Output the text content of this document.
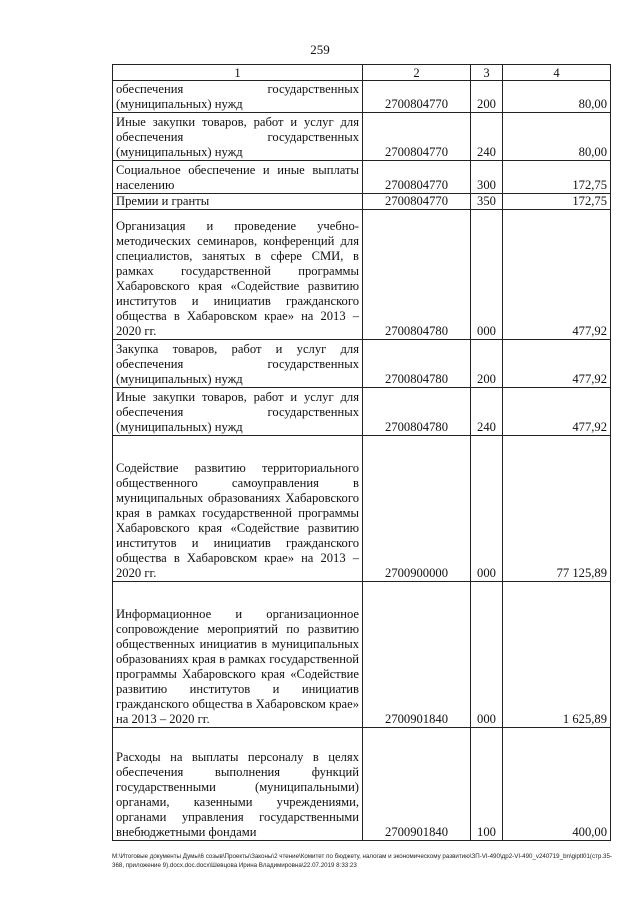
259
1	2	3	4
обеспечения государственных (муниципальных) нужд	2700804770	200	80,00
Иные закупки товаров, работ и услуг для обеспечения государственных (муниципальных) нужд	2700804770	240	80,00
Социальное обеспечение и иные выплаты населению	2700804770	300	172,75
Премии и гранты	2700804770	350	172,75
Организация и проведение учебно-методических семинаров, конференций для специалистов, занятых в сфере СМИ, в рамках государственной программы Хабаровского края «Содействие развитию институтов и инициатив гражданского общества в Хабаровском крае» на 2013 – 2020 гг.	2700804780	000	477,92
Закупка товаров, работ и услуг для обеспечения государственных (муниципальных) нужд	2700804780	200	477,92
Иные закупки товаров, работ и услуг для обеспечения государственных (муниципальных) нужд	2700804780	240	477,92
Содействие развитию территориального общественного самоуправления в муниципальных образованиях Хабаровского края в рамках государственной программы Хабаровского края «Содействие развитию институтов и инициатив гражданского общества в Хабаровском крае» на 2013 – 2020 гг.	2700900000	000	77 125,89
Информационное и организационное сопровождение мероприятий по развитию общественных инициатив в муниципальных образованиях края в рамках государственной программы Хабаровского края «Содействие развитию институтов и инициатив гражданского общества в Хабаровском крае» на 2013 – 2020 гг.	2700901840	000	1 625,89
Расходы на выплаты персоналу в целях обеспечения выполнения функций государственными (муниципальными) органами, казенными учреждениями, органами управления государственными внебюджетными фондами	2700901840	100	400,00
M:\Итоговые документы Думы\6 созыв\Проекты\Законы\2 чтение\Комитет по бюджету, налогам и экономическому развитию\ЗП-VI-490\др2-VI-490_v240719_bn\giptl01(стр.35-368, приложение 9).docx.doc.docx\Шевцова Ирина Владимировна\22.07.2019 8:33:23
